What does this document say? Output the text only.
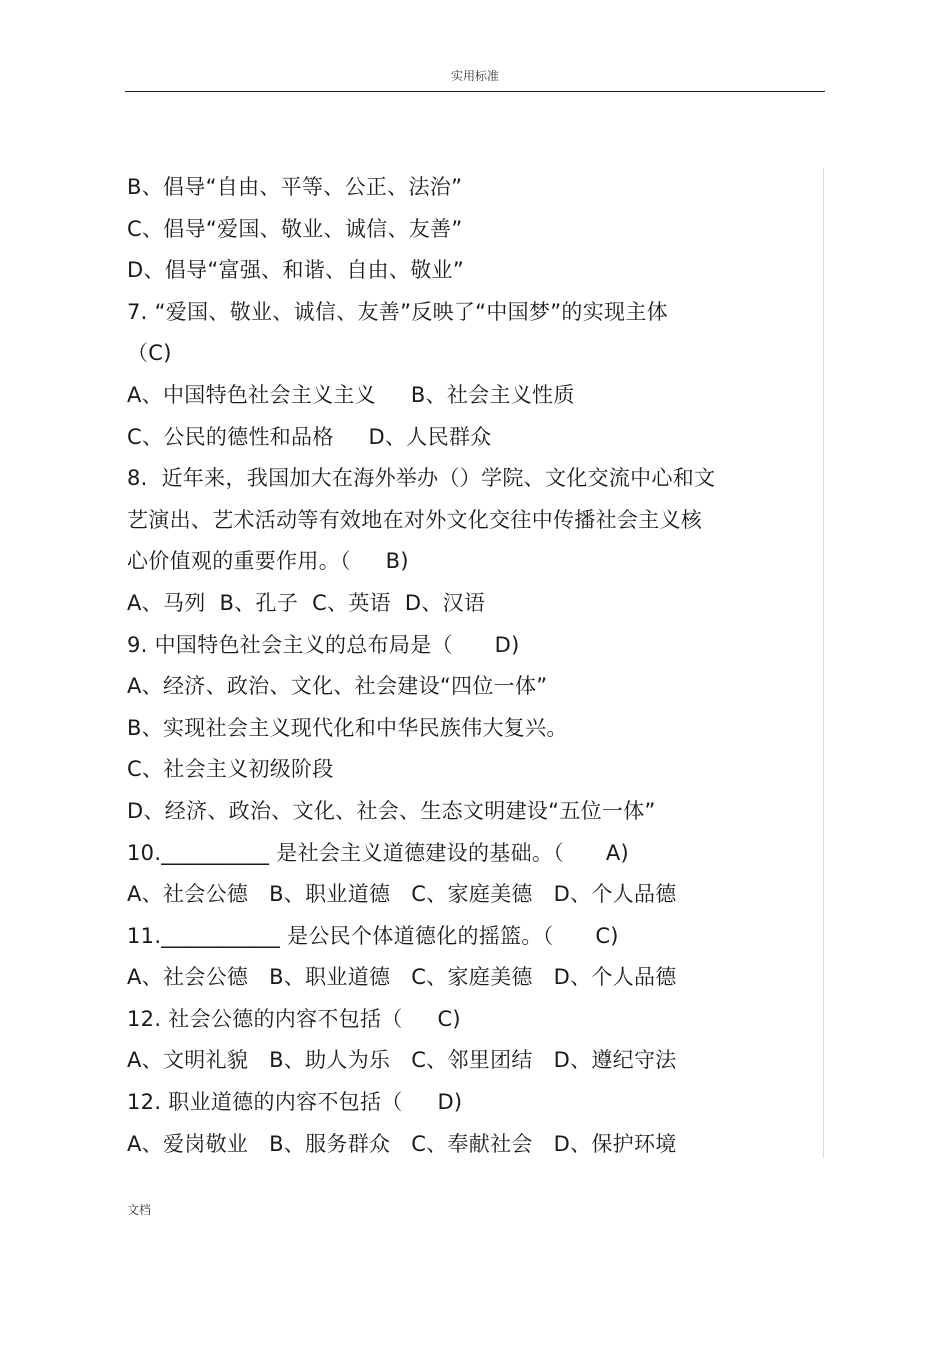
实用标准
B、倡导“自由、平等、公正、法治”
C、倡导“爱国、敬业、诚信、友善”
D、倡导“富强、和谐、自由、敬业”
7. “爱国、敬业、诚信、友善”反映了“中国梦”的实现主体
（C)
A、中国特色社会主义主义     B、社会主义性质
C、公民的德性和品格     D、人民群众
8.  近年来，我国加大在海外举办（）学院、文化交流中心和文
艺演出、艺术活动等有效地在对外文化交往中传播社会主义核
心价值观的重要作用。（     B)
A、马列  B、孔子  C、英语  D、汉语
9. 中国特色社会主义的总布局是（      D)
A、经济、政治、文化、社会建设“四位一体”
B、实现社会主义现代化和中华民族伟大复兴。
C、社会主义初级阶段
D、经济、政治、文化、社会、生态文明建设“五位一体”
10.__________ 是社会主义道德建设的基础。（      A)
A、社会公德   B、职业道德   C、家庭美德   D、个人品德
11.___________ 是公民个体道德化的摇篮。（      C)
A、社会公德   B、职业道德   C、家庭美德   D、个人品德
12. 社会公德的内容不包括（     C)
A、文明礼貌   B、助人为乐   C、邻里团结   D、遵纪守法
12. 职业道德的内容不包括（     D)
A、爱岗敬业   B、服务群众   C、奉献社会   D、保护环境
文档
